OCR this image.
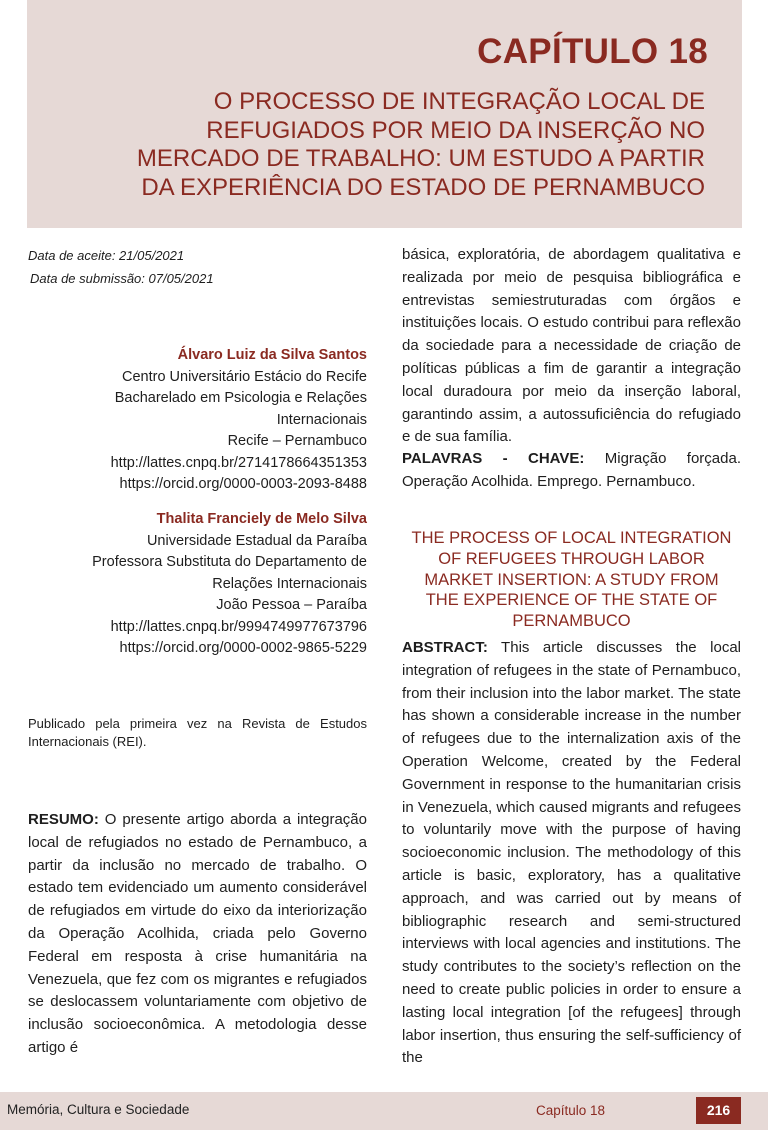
CAPÍTULO 18
O PROCESSO DE INTEGRAÇÃO LOCAL DE
REFUGIADOS POR MEIO DA INSERÇÃO NO
MERCADO DE TRABALHO: UM ESTUDO A PARTIR
DA EXPERIÊNCIA DO ESTADO DE PERNAMBUCO
Data de aceite: 21/05/2021
Data de submissão: 07/05/2021
Álvaro Luiz da Silva Santos
Centro Universitário Estácio do Recife
Bacharelado em Psicologia e Relações
Internacionais
Recife – Pernambuco
http://lattes.cnpq.br/2714178664351353
https://orcid.org/0000-0003-2093-8488
Thalita Franciely de Melo Silva
Universidade Estadual da Paraíba
Professora Substituta do Departamento de
Relações Internacionais
João Pessoa – Paraíba
http://lattes.cnpq.br/9994749977673796
https://orcid.org/0000-0002-9865-5229
Publicado pela primeira vez na Revista de Estudos Internacionais (REI).
RESUMO: O presente artigo aborda a integração local de refugiados no estado de Pernambuco, a partir da inclusão no mercado de trabalho. O estado tem evidenciado um aumento considerável de refugiados em virtude do eixo da interiorização da Operação Acolhida, criada pelo Governo Federal em resposta à crise humanitária na Venezuela, que fez com os migrantes e refugiados se deslocassem voluntariamente com objetivo de inclusão socioeconômica. A metodologia desse artigo é
básica, exploratória, de abordagem qualitativa e realizada por meio de pesquisa bibliográfica e entrevistas semiestruturadas com órgãos e instituições locais. O estudo contribui para reflexão da sociedade para a necessidade de criação de políticas públicas a fim de garantir a integração local duradoura por meio da inserção laboral, garantindo assim, a autossuficiência do refugiado e de sua família.
PALAVRAS - CHAVE: Migração forçada. Operação Acolhida. Emprego. Pernambuco.
THE PROCESS OF LOCAL INTEGRATION
OF REFUGEES THROUGH LABOR
MARKET INSERTION: A STUDY FROM
THE EXPERIENCE OF THE STATE OF
PERNAMBUCO
ABSTRACT: This article discusses the local integration of refugees in the state of Pernambuco, from their inclusion into the labor market. The state has shown a considerable increase in the number of refugees due to the internalization axis of the Operation Welcome, created by the Federal Government in response to the humanitarian crisis in Venezuela, which caused migrants and refugees to voluntarily move with the purpose of having socioeconomic inclusion. The methodology of this article is basic, exploratory, has a qualitative approach, and was carried out by means of bibliographic research and semi-structured interviews with local agencies and institutions. The study contributes to the society’s reflection on the need to create public policies in order to ensure a lasting local integration [of the refugees] through labor insertion, thus ensuring the self-sufficiency of the
Memória, Cultura e Sociedade	Capítulo 18	216
